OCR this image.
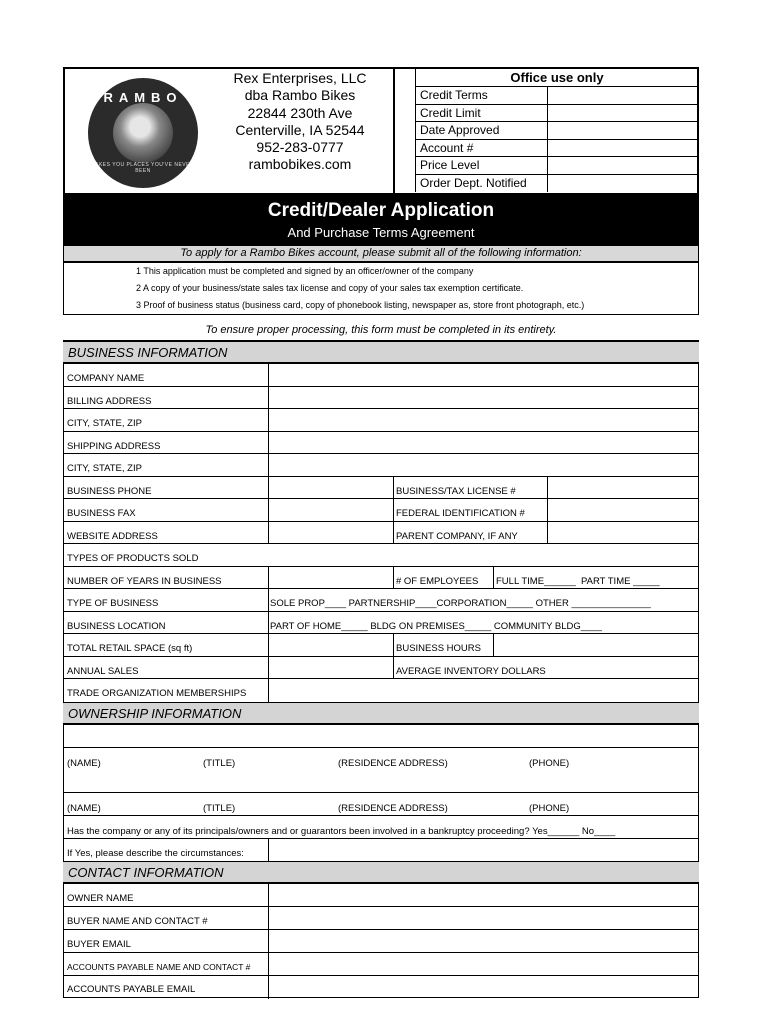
RAMBO
TAKES YOU PLACES YOU'VE NEVER BEEN
Rex Enterprises, LLC
dba Rambo Bikes
22844 230th Ave
Centerville, IA 52544
952-283-0777
rambobikes.com
Office use only
Credit Terms
Credit Limit
Date Approved
Account #
Price Level
Order Dept. Notified
Credit/Dealer Application
And Purchase Terms Agreement
To apply for a Rambo Bikes account, please submit all of the following information:
1 This application must be completed and signed by an officer/owner of the company
2 A copy of your business/state sales tax license and copy of your sales tax exemption certificate.
3 Proof of business status (business card, copy of phonebook listing, newspaper as, store front photograph, etc.)
To ensure proper processing, this form must be completed in its entirety.
BUSINESS INFORMATION
COMPANY NAME
BILLING ADDRESS
CITY, STATE, ZIP
SHIPPING ADDRESS
CITY, STATE, ZIP
BUSINESS PHONE	BUSINESS/TAX LICENSE #
BUSINESS FAX	FEDERAL IDENTIFICATION #
WEBSITE ADDRESS	PARENT COMPANY, IF ANY
TYPES OF PRODUCTS SOLD
NUMBER OF YEARS IN BUSINESS	# OF EMPLOYEES FULL TIME______ PART TIME _____
TYPE OF BUSINESS	SOLE PROP____ PARTNERSHIP____CORPORATION_____ OTHER _______________
BUSINESS LOCATION	PART OF HOME_____ BLDG ON PREMISES_____ COMMUNITY BLDG____
TOTAL RETAIL SPACE (sq ft)	BUSINESS HOURS
ANNUAL SALES	AVERAGE INVENTORY DOLLARS
TRADE ORGANIZATION MEMBERSHIPS
OWNERSHIP INFORMATION
(NAME)	(TITLE)	(RESIDENCE ADDRESS)	(PHONE)
(NAME)	(TITLE)	(RESIDENCE ADDRESS)	(PHONE)
Has the company or any of its principals/owners and or guarantors been involved in a bankruptcy proceeding? Yes______ No____
If Yes, please describe the circumstances:
CONTACT INFORMATION
OWNER NAME
BUYER NAME AND CONTACT #
BUYER EMAIL
ACCOUNTS PAYABLE NAME AND CONTACT #
ACCOUNTS PAYABLE EMAIL
